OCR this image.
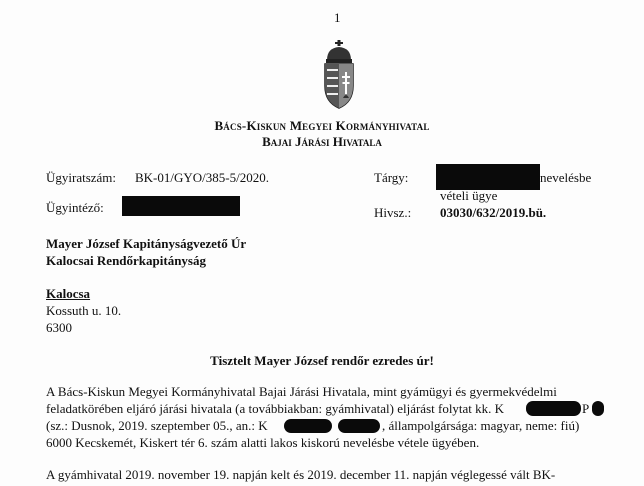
1
Bács-Kiskun Megyei Kormányhivatal
Bajai Járási Hivatala
Ügyiratszám: BK-01/GYO/385-5/2020.
Ügyintéző:
Tárgy:	nevelésbe
vételi ügye
Hivsz.: 03030/632/2019.bü.
Mayer József Kapitányságvezető Úr
Kalocsai Rendőrkapitányság
Kalocsa
Kossuth u. 10.
6300
Tisztelt Mayer József rendőr ezredes úr!
A Bács-Kiskun Megyei Kormányhivatal Bajai Járási Hivatala, mint gyámügyi és gyermekvédelmi
feladatkörében eljáró járási hivatala (a továbbiakban: gyámhivatal) eljárást folytat kk. K	P
(sz.: Dusnok, 2019. szeptember 05., an.: K	, állampolgársága: magyar, neme: fiú)
6000 Kecskemét, Kiskert tér 6. szám alatti lakos kiskorú nevelésbe vétele ügyében.
A gyámhivatal 2019. november 19. napján kelt és 2019. december 11. napján véglegessé vált BK-
